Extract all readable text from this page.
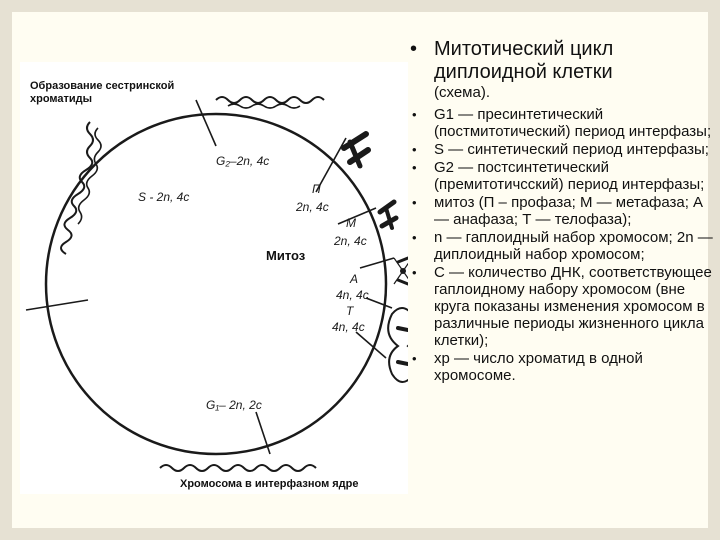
Образование сестринской хроматиды
Хромосома в интерфазном ядре
Митоз
G₂–2n, 4c
S - 2n, 4c
П
2n, 4c
М
2n, 4c
А
4n, 4c
Т
4n, 4c
G₁– 2n, 2c
• Митотический цикл диплоидной клетки
(схема).
• G1 — пресинтетический (постмитотический) период интерфазы;
• S — синтетический период интерфазы;
• G2 — постсинтетический (премитотичсский) период интерфазы;
• митоз (П – профаза; М — метафаза; А — анафаза; Т — телофаза);
• n — гаплоидный набор хромосом; 2n — диплоидный набор хромосом;
• С — количество ДНК, соответствующее гаплоидному набору хромосом (вне круга показаны изменения хромосом в различные периоды жизненного цикла клетки);
• хр — число хроматид в одной хромосоме.
